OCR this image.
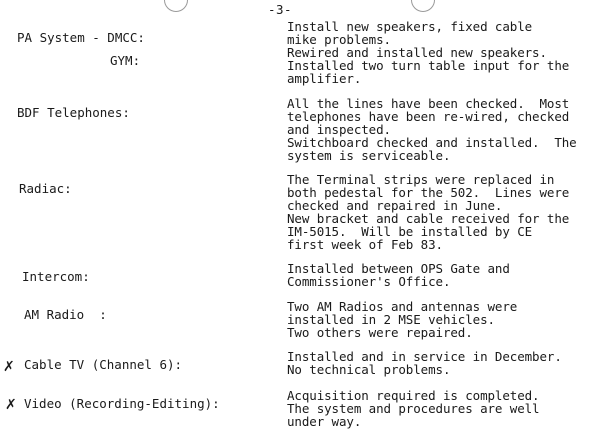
-3-
PA System - DMCC:
Install new speakers, fixed cable
mike problems.
GYM:
Rewired and installed new speakers.
Installed two turn table input for the
amplifier.
BDF Telephones:
All the lines have been checked.  Most
telephones have been re-wired, checked
and inspected.
Switchboard checked and installed.  The
system is serviceable.
Radiac:
The Terminal strips were replaced in
both pedestal for the 502.  Lines were
checked and repaired in June.
New bracket and cable received for the
IM-5015.  Will be installed by CE
first week of Feb 83.
Intercom:
Installed between OPS Gate and
Commissioner's Office.
AM Radio  :
Two AM Radios and antennas were
installed in 2 MSE vehicles.
Two others were repaired.
✗ Cable TV (Channel 6):
Installed and in service in December.
No technical problems.
✗ Video (Recording-Editing):
Acquisition required is completed.
The system and procedures are well
under way.
